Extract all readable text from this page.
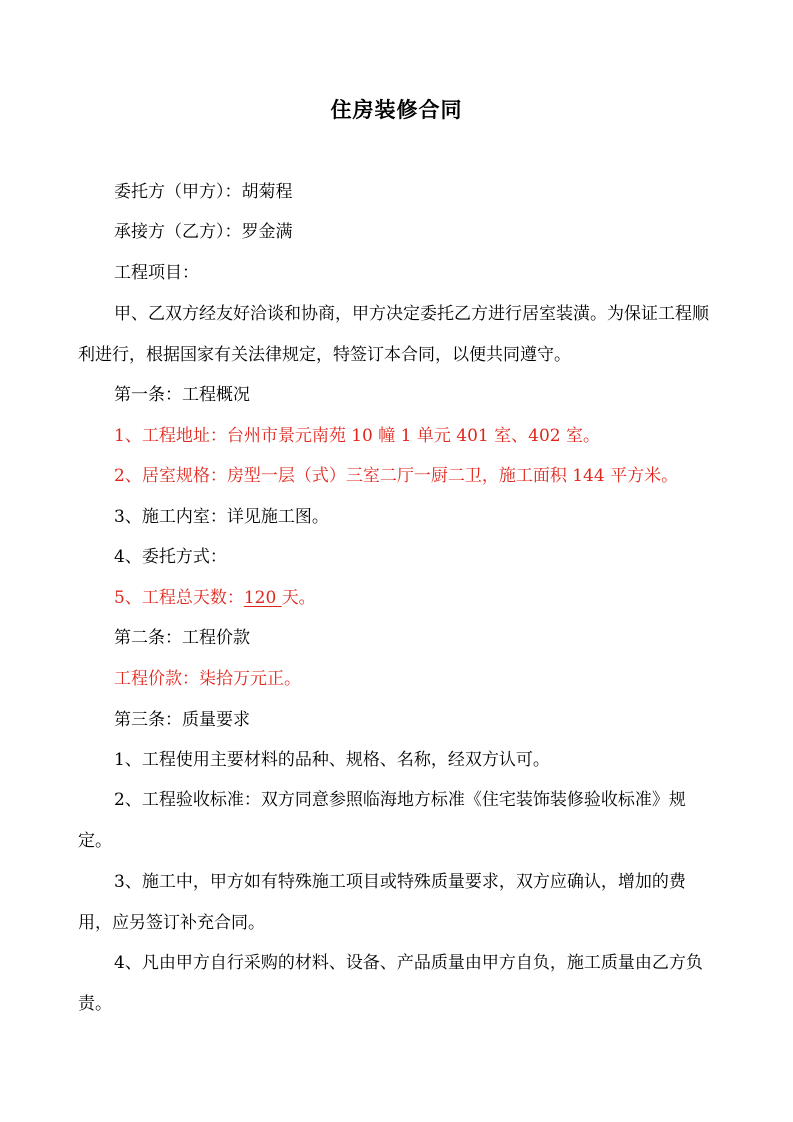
住房装修合同
委托方（甲方）：胡菊程
承接方（乙方）：罗金满
工程项目：
甲、乙双方经友好洽谈和协商，甲方决定委托乙方进行居室装潢。为保证工程顺利进行，根据国家有关法律规定，特签订本合同，以便共同遵守。
第一条：工程概况
1、工程地址：台州市景元南苑 10 幢 1 单元 401 室、402 室。
2、居室规格：房型一层（式）三室二厅一厨二卫，施工面积 144 平方米。
3、施工内室：详见施工图。
4、委托方式：
5、工程总天数：120 天。
第二条：工程价款
工程价款：柒拾万元正。
第三条：质量要求
1、工程使用主要材料的品种、规格、名称，经双方认可。
2、工程验收标准：双方同意参照临海地方标准《住宅装饰装修验收标准》规定。
3、施工中，甲方如有特殊施工项目或特殊质量要求，双方应确认，增加的费用，应另签订补充合同。
4、凡由甲方自行采购的材料、设备、产品质量由甲方自负，施工质量由乙方负责。
